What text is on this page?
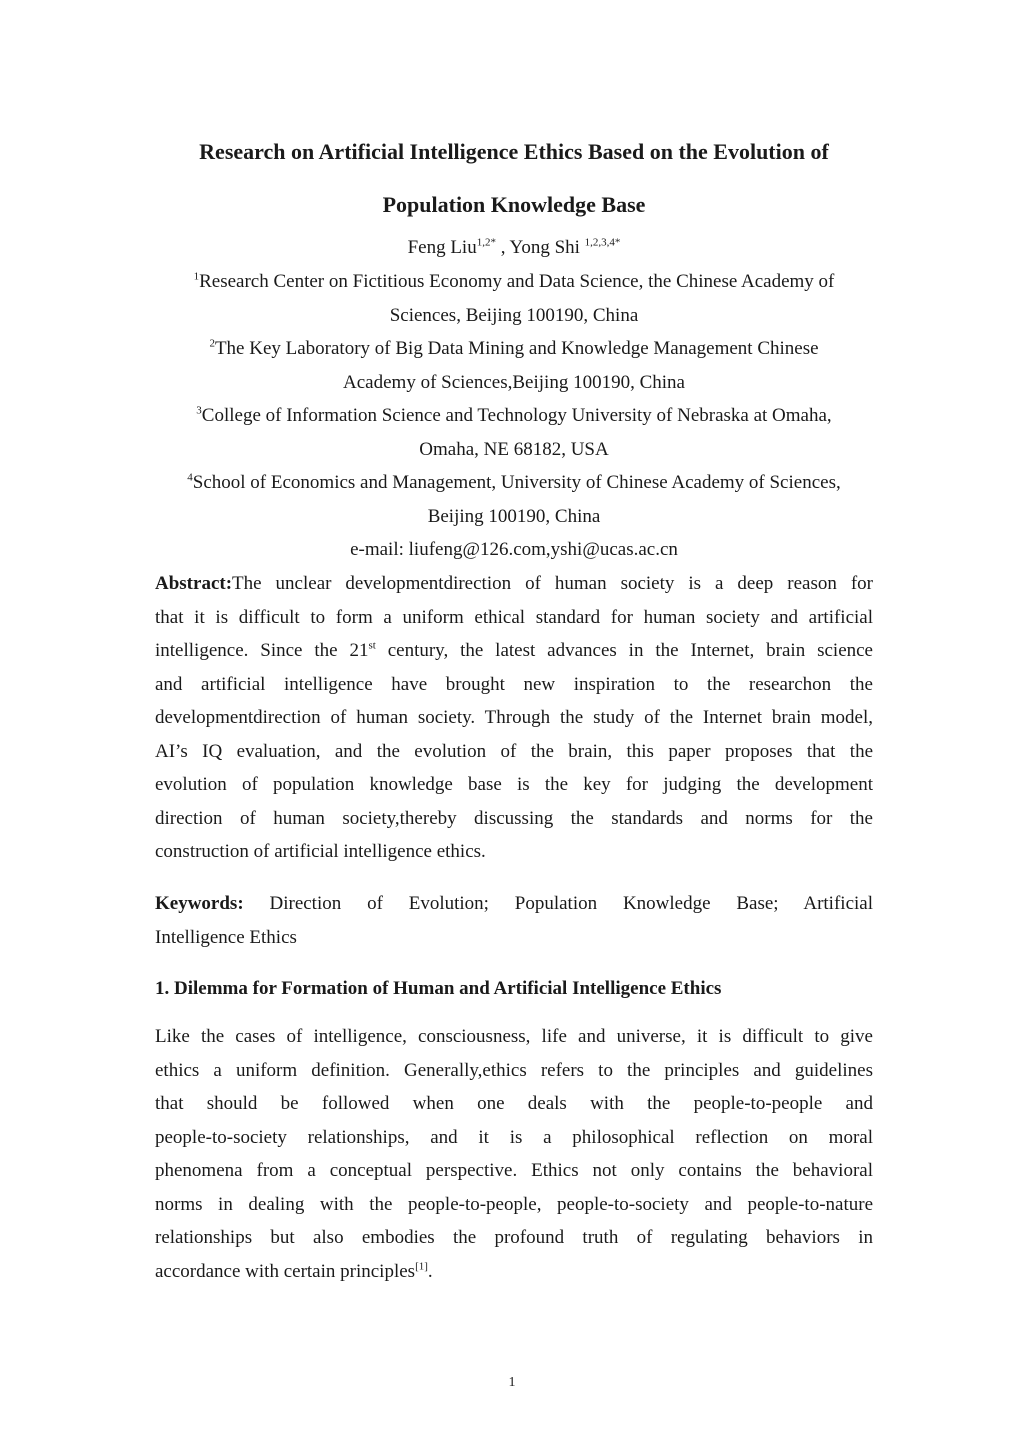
Research on Artificial Intelligence Ethics Based on the Evolution of
Population Knowledge Base

Feng Liu$^{1,2*}$ , Yong Shi $^{1,2,3,4*}$

$^1$Research Center on Fictitious Economy and Data Science, the Chinese Academy of

Sciences, Beijing 100190, China

$^2$The Key Laboratory of Big Data Mining and Knowledge Management Chinese

Academy of Sciences,Beijing 100190, China

$^3$College of Information Science and Technology University of Nebraska at Omaha,

Omaha, NE 68182, USA

$^4$School of Economics and Management, University of Chinese Academy of Sciences,

Beijing 100190, China

e-mail: liufeng@126.com,yshi@ucas.ac.cn

Abstract:The unclear developmentdirection of human society is a deep reason for
that it is difficult to form a uniform ethical standard for human society and artificial
intelligence. Since the 21st century, the latest advances in the Internet, brain science
and artificial intelligence have brought new inspiration to the researchon the
developmentdirection of human society. Through the study of the Internet brain model,
AI’s IQ evaluation, and the evolution of the brain, this paper proposes that the
evolution of population knowledge base is the key for judging the development
direction of human society,thereby discussing the standards and norms for the
construction of artificial intelligence ethics.
Keywords: Direction of Evolution; Population Knowledge Base; Artificial
Intelligence Ethics
1. Dilemma for Formation of Human and Artificial Intelligence Ethics
Like the cases of intelligence, consciousness, life and universe, it is difficult to give
ethics a uniform definition. Generally,ethics refers to the principles and guidelines
that should be followed when one deals with the people-to-people and
people-to-society relationships, and it is a philosophical reflection on moral
phenomena from a conceptual perspective. Ethics not only contains the behavioral
norms in dealing with the people-to-people, people-to-society and people-to-nature
relationships but also embodies the profound truth of regulating behaviors in
accordance with certain principles[1].

1
